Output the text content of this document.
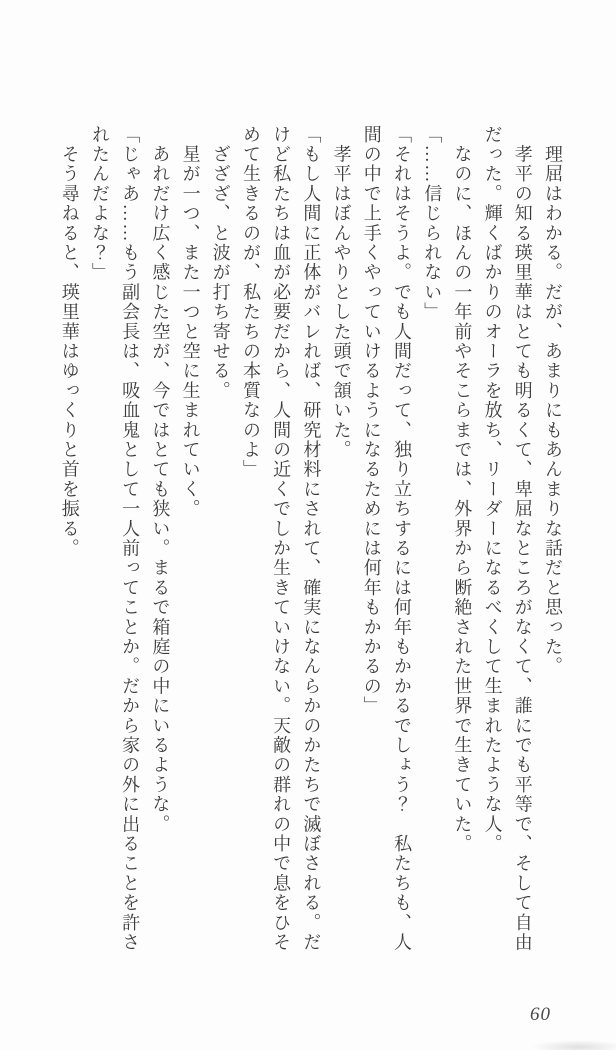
　理屈はわかる。だが、あまりにもあんまりな話だと思った。

　孝平の知る瑛里華はとても明るくて、卑屈なところがなくて、誰にでも平等で、そして自由

だった。輝くばかりのオーラを放ち、リーダーになるべくして生まれたような人。

　なのに、ほんの一年前やそこらまでは、外界から断絶された世界で生きていた。

「……信じられない」

「それはそうよ。でも人間だって、独り立ちするには何年もかかるでしょう？　私たちも、人

間の中で上手くやっていけるようになるためには何年もかかるの」

　孝平はぼんやりとした頭で頷いた。

「もし人間に正体がバレれば、研究材料にされて、確実になんらかのかたちで滅ぼされる。だ

けど私たちは血が必要だから、人間の近くでしか生きていけない。天敵の群れの中で息をひそ

めて生きるのが、私たちの本質なのよ」

　ざざざ、と波が打ち寄せる。

　星が一つ、また一つと空に生まれていく。

　あれだけ広く感じた空が、今ではとても狭い。まるで箱庭の中にいるような。

「じゃあ……もう副会長は、吸血鬼として一人前ってことか。だから家の外に出ることを許さ

れたんだよな？」

　そう尋ねると、瑛里華はゆっくりと首を振る。

60
